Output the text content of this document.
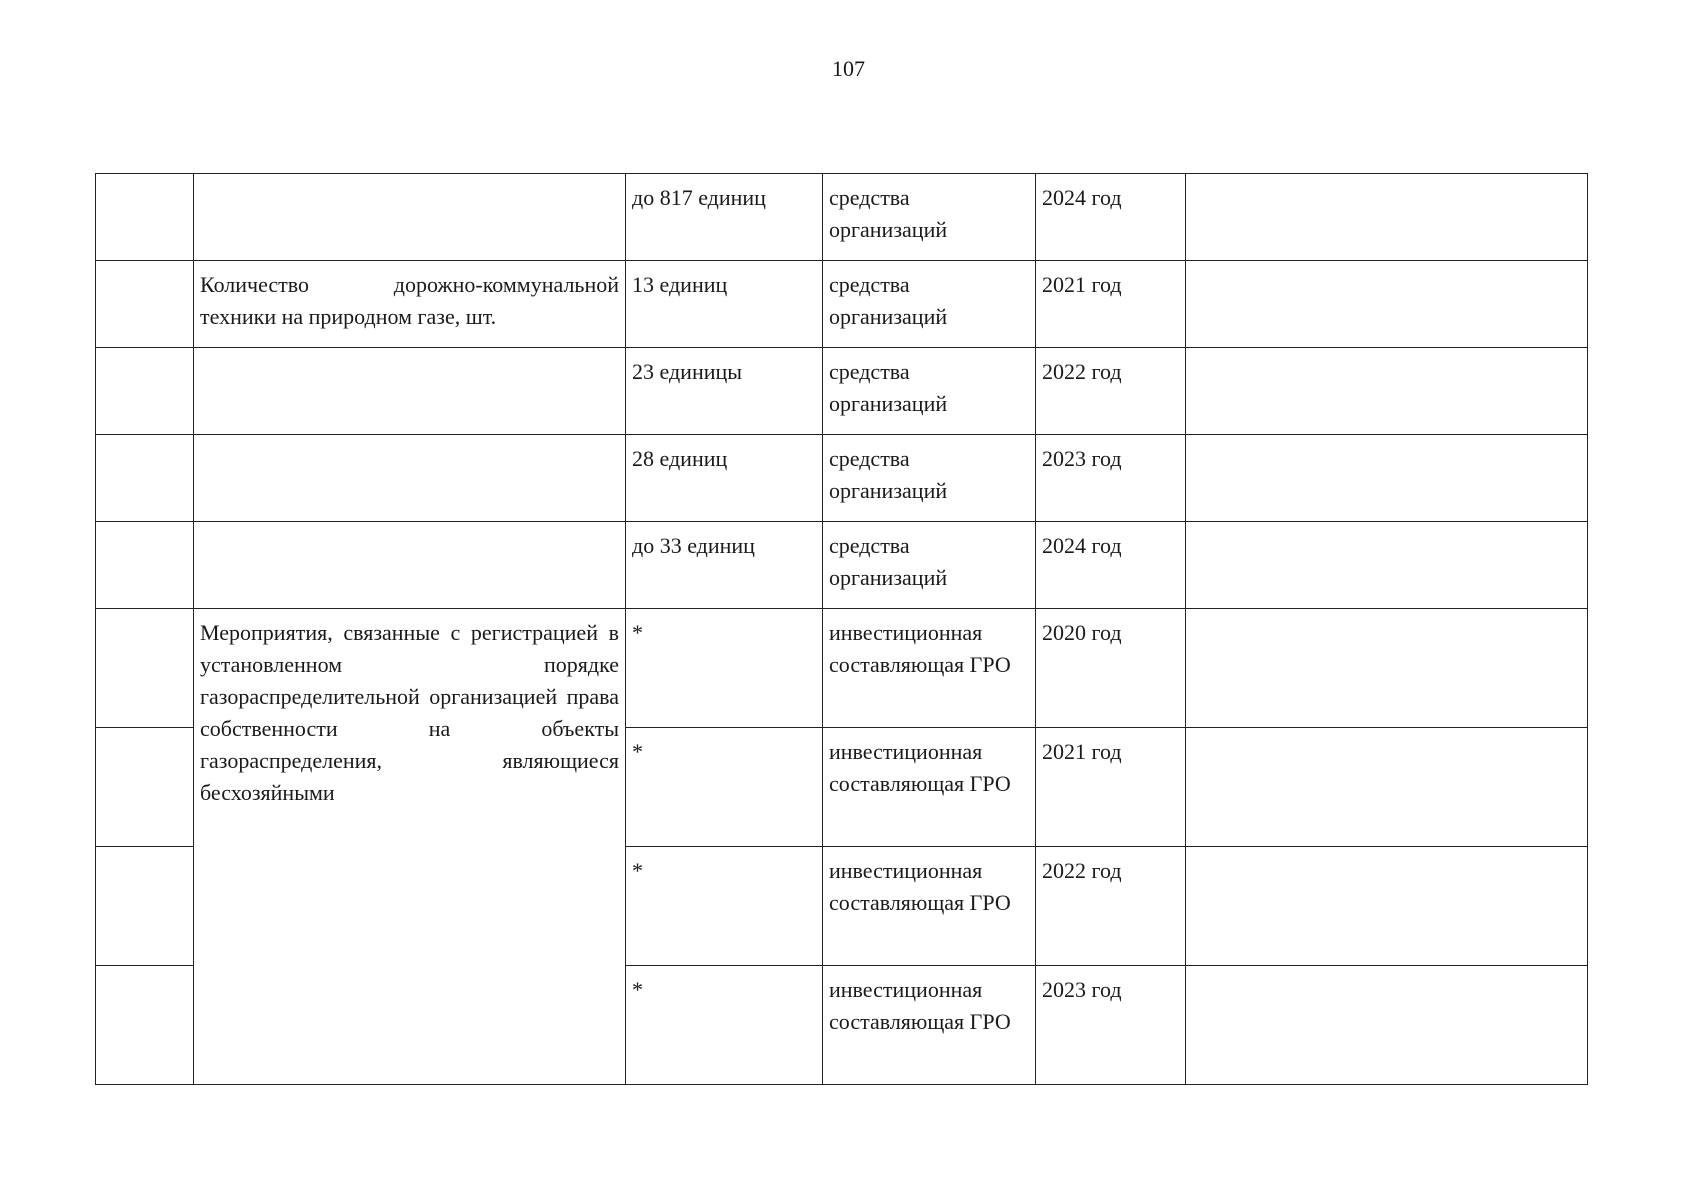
107
		до 817 единиц	средства организаций	2024 год	
	Количество дорожно-коммунальной техники на природном газе, шт.	13 единиц	средства организаций	2021 год	
		23 единицы	средства организаций	2022 год	
		28 единиц	средства организаций	2023 год	
		до 33 единиц	средства организаций	2024 год	
	Мероприятия, связанные с регистрацией в установленном порядке газораспределительной организацией права собственности на объекты газораспределения, являющиеся бесхозяйными	*	инвестиционная составляющая ГРО	2020 год	
		*	инвестиционная составляющая ГРО	2021 год	
		*	инвестиционная составляющая ГРО	2022 год	
		*	инвестиционная составляющая ГРО	2023 год	
